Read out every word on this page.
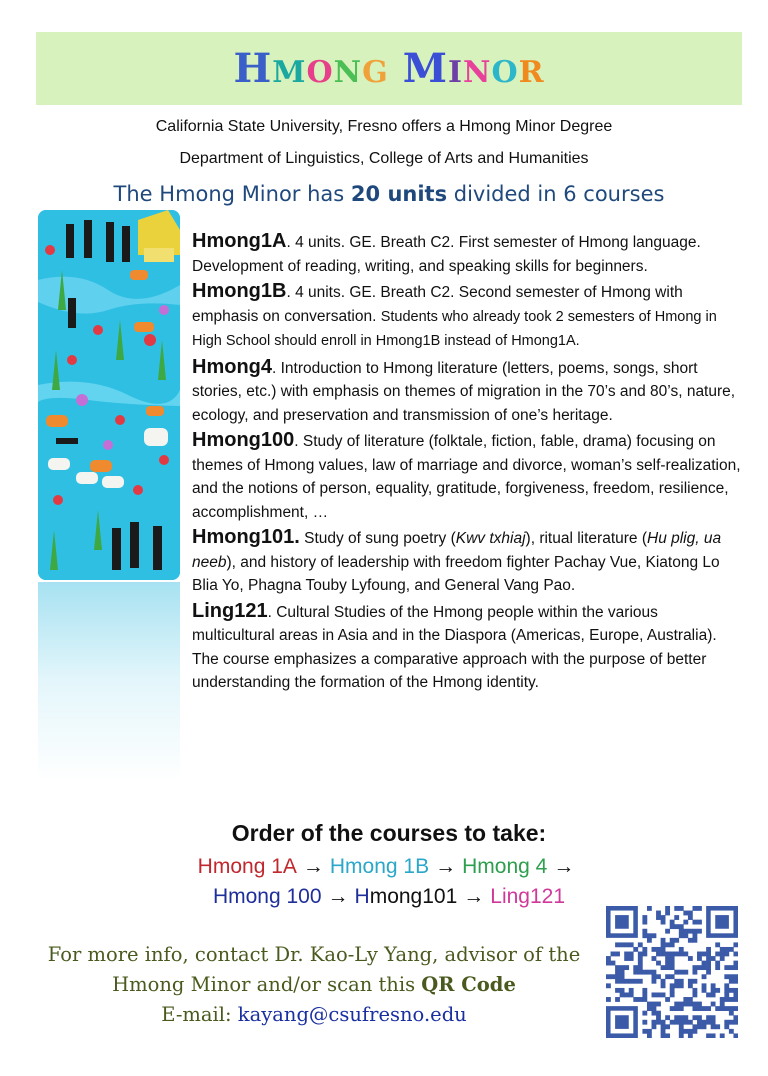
HMONG MINOR
California State University, Fresno offers a Hmong Minor Degree
Department of Linguistics, College of Arts and Humanities
The Hmong Minor has 20 units divided in 6 courses
Hmong1A. 4 units. GE. Breath C2. First semester of Hmong language. Development of reading, writing, and speaking skills for beginners.
Hmong1B. 4 units. GE. Breath C2. Second semester of Hmong with emphasis on conversation. Students who already took 2 semesters of Hmong in High School should enroll in Hmong1B instead of Hmong1A.
Hmong4. Introduction to Hmong literature (letters, poems, songs, short stories, etc.) with emphasis on themes of migration in the 70’s and 80’s, nature, ecology, and preservation and transmission of one’s heritage.
Hmong100. Study of literature (folktale, fiction, fable, drama) focusing on themes of Hmong values, law of marriage and divorce, woman’s self-realization, and the notions of person, equality, gratitude, forgiveness, freedom, resilience, accomplishment, …
Hmong101. Study of sung poetry (Kwv txhiaj), ritual literature (Hu plig, ua neeb), and history of leadership with freedom fighter Pachay Vue, Kiatong Lo Blia Yo, Phagna Touby Lyfoung, and General Vang Pao.
Ling121. Cultural Studies of the Hmong people within the various multicultural areas in Asia and in the Diaspora (Americas, Europe, Australia). The course emphasizes a comparative approach with the purpose of better understanding the formation of the Hmong identity.
Order of the courses to take:
Hmong 1A → Hmong 1B → Hmong 4 →
Hmong 100 → Hmong101 → Ling121
For more info, contact Dr. Kao-Ly Yang, advisor of the
Hmong Minor and/or scan this QR Code
E-mail: kayang@csufresno.edu
